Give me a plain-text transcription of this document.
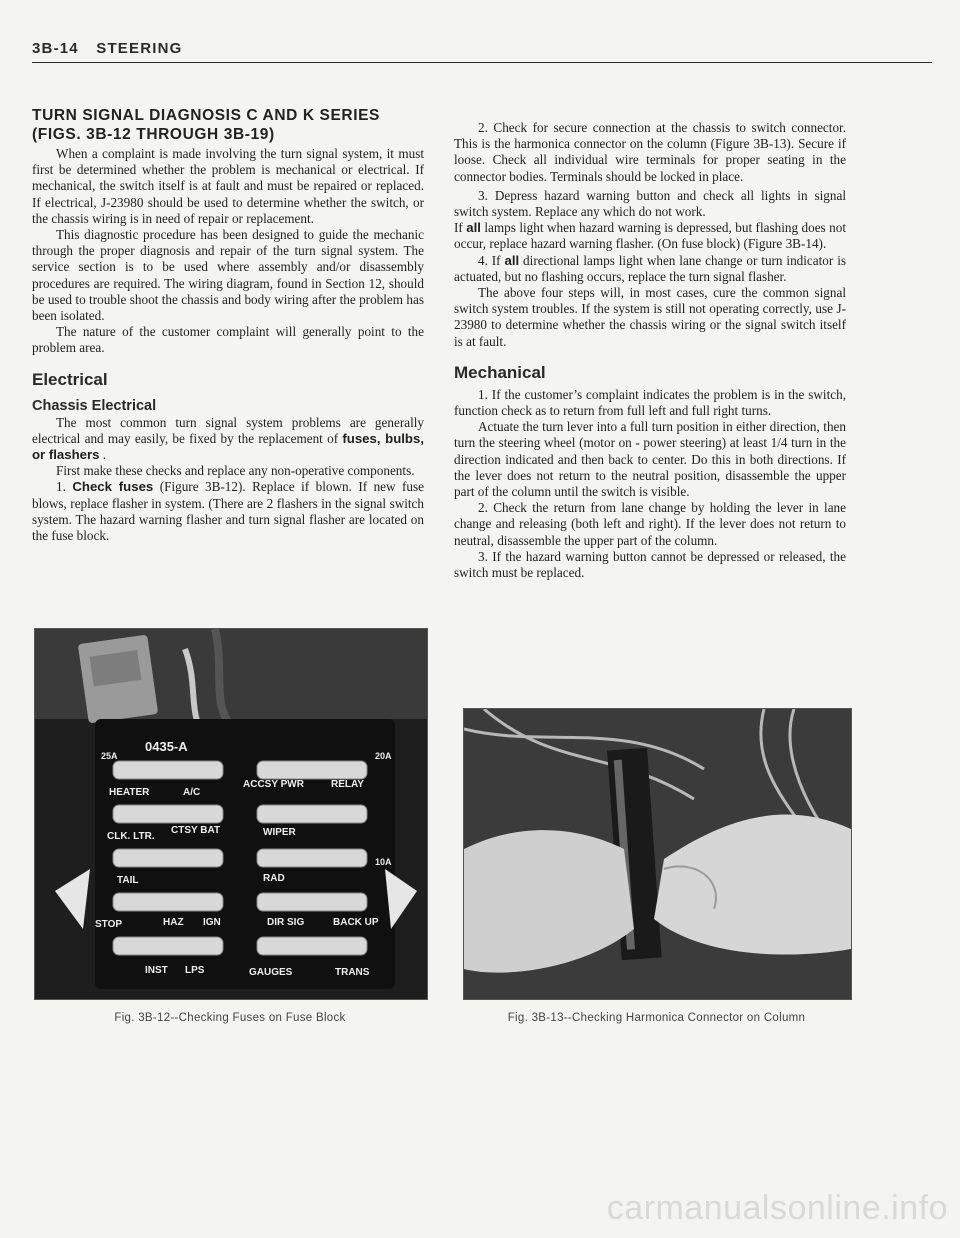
3B-14 STEERING
TURN SIGNAL DIAGNOSIS C AND K SERIES
(FIGS. 3B-12 THROUGH 3B-19)

When a complaint is made involving the turn signal system, it must first be determined whether the problem is mechanical or electrical. If mechanical, the switch itself is at fault and must be repaired or replaced. If electrical, J-23980 should be used to determine whether the switch, or the chassis wiring is in need of repair or replacement.

This diagnostic procedure has been designed to guide the mechanic through the proper diagnosis and repair of the turn signal system. The service section is to be used where assembly and/or disassembly procedures are required. The wiring diagram, found in Section 12, should be used to trouble shoot the chassis and body wiring after the problem has been isolated.

The nature of the customer complaint will generally point to the problem area.

Electrical
Chassis Electrical

The most common turn signal system problems are generally electrical and may easily, be fixed by the replacement of fuses, bulbs, or flashers .

First make these checks and replace any non-operative components.

1. Check fuses (Figure 3B-12). Replace if blown. If new fuse blows, replace flasher in system. (There are 2 flashers in the signal switch system. The hazard warning flasher and turn signal flasher are located on the fuse block.

2. Check for secure connection at the chassis to switch connector. This is the harmonica connector on the column (Figure 3B-13). Secure if loose. Check all individual wire terminals for proper seating in the connector bodies. Terminals should be locked in place.

3. Depress hazard warning button and check all lights in signal switch system. Replace any which do not work.

If all lamps light when hazard warning is depressed, but flashing does not occur, replace hazard warning flasher. (On fuse block) (Figure 3B-14).

4. If all directional lamps light when lane change or turn indicator is actuated, but no flashing occurs, replace the turn signal flasher.

The above four steps will, in most cases, cure the common signal switch system troubles. If the system is still not operating correctly, use J-23980 to determine whether the chassis wiring or the signal switch itself is at fault.

Mechanical

1. If the customer’s complaint indicates the problem is in the switch, function check as to return from full left and full right turns.

Actuate the turn lever into a full turn position in either direction, then turn the steering wheel (motor on - power steering) at least 1/4 turn in the direction indicated and then back to center. Do this in both directions. If the lever does not return to the neutral position, disassemble the upper part of the column until the switch is visible.

2. Check the return from lane change by holding the lever in lane change and releasing (both left and right). If the lever does not return to neutral, disassemble the upper part of the column.

3. If the hazard warning button cannot be depressed or released, the switch must be replaced.

0435-A
HEATER	A/C
ACCSY PWR	RELAY
CLK. LTR.
CTSY BAT	WIPER
TAIL	RAD
STOP	HAZ IGN	DIR SIG	BACK UP
INST LPS	GAUGES	TRANS
25A	20A
10A
Fig. 3B-12--Checking Fuses on Fuse Block	Fig. 3B-13--Checking Harmonica Connector on Column
carmanualsonline.info
